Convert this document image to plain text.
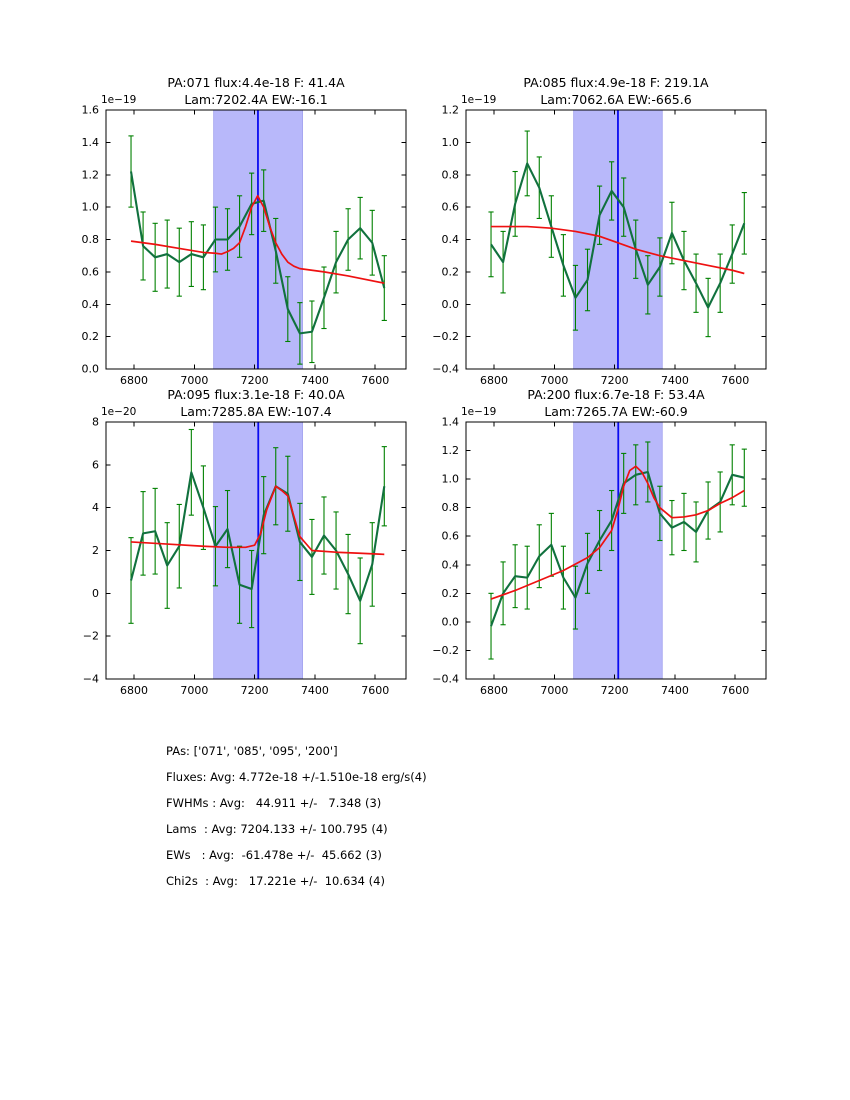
PA:071 flux:4.4e-18 F: 41.4A
Lam:7202.4A EW:-16.1
PA:085 flux:4.9e-18 F: 219.1A
Lam:7062.6A EW:-665.6
PA:095 flux:3.1e-18 F: 40.0A
Lam:7285.8A EW:-107.4
PA:200 flux:6.7e-18 F: 53.4A
Lam:7265.7A EW:-60.9
6800	7000	7200	7400	7600
0.0
0.2
0.4
0.6
0.8
1.0
1.2
1.4
1.6
1e−19
6800	7000	7200	7400	7600
−0.4
−0.2
0.0
0.2
0.4
0.6
0.8
1.0
1.2
1e−19
6800	7000	7200	7400	7600
−4
−2
0
2
4
6
8
1e−20
6800	7000	7200	7400	7600
−0.4
−0.2
0.0
0.2
0.4
0.6
0.8
1.0
1.2
1.4
1e−19
PAs: ['071', '085', '095', '200']
Fluxes: Avg: 4.772e-18 +/-1.510e-18 erg/s(4)
FWHMs : Avg:   44.911 +/-   7.348 (3)
Lams  : Avg: 7204.133 +/- 100.795 (4)
EWs   : Avg:  -61.478e +/-  45.662 (3)
Chi2s  : Avg:   17.221e +/-  10.634 (4)
